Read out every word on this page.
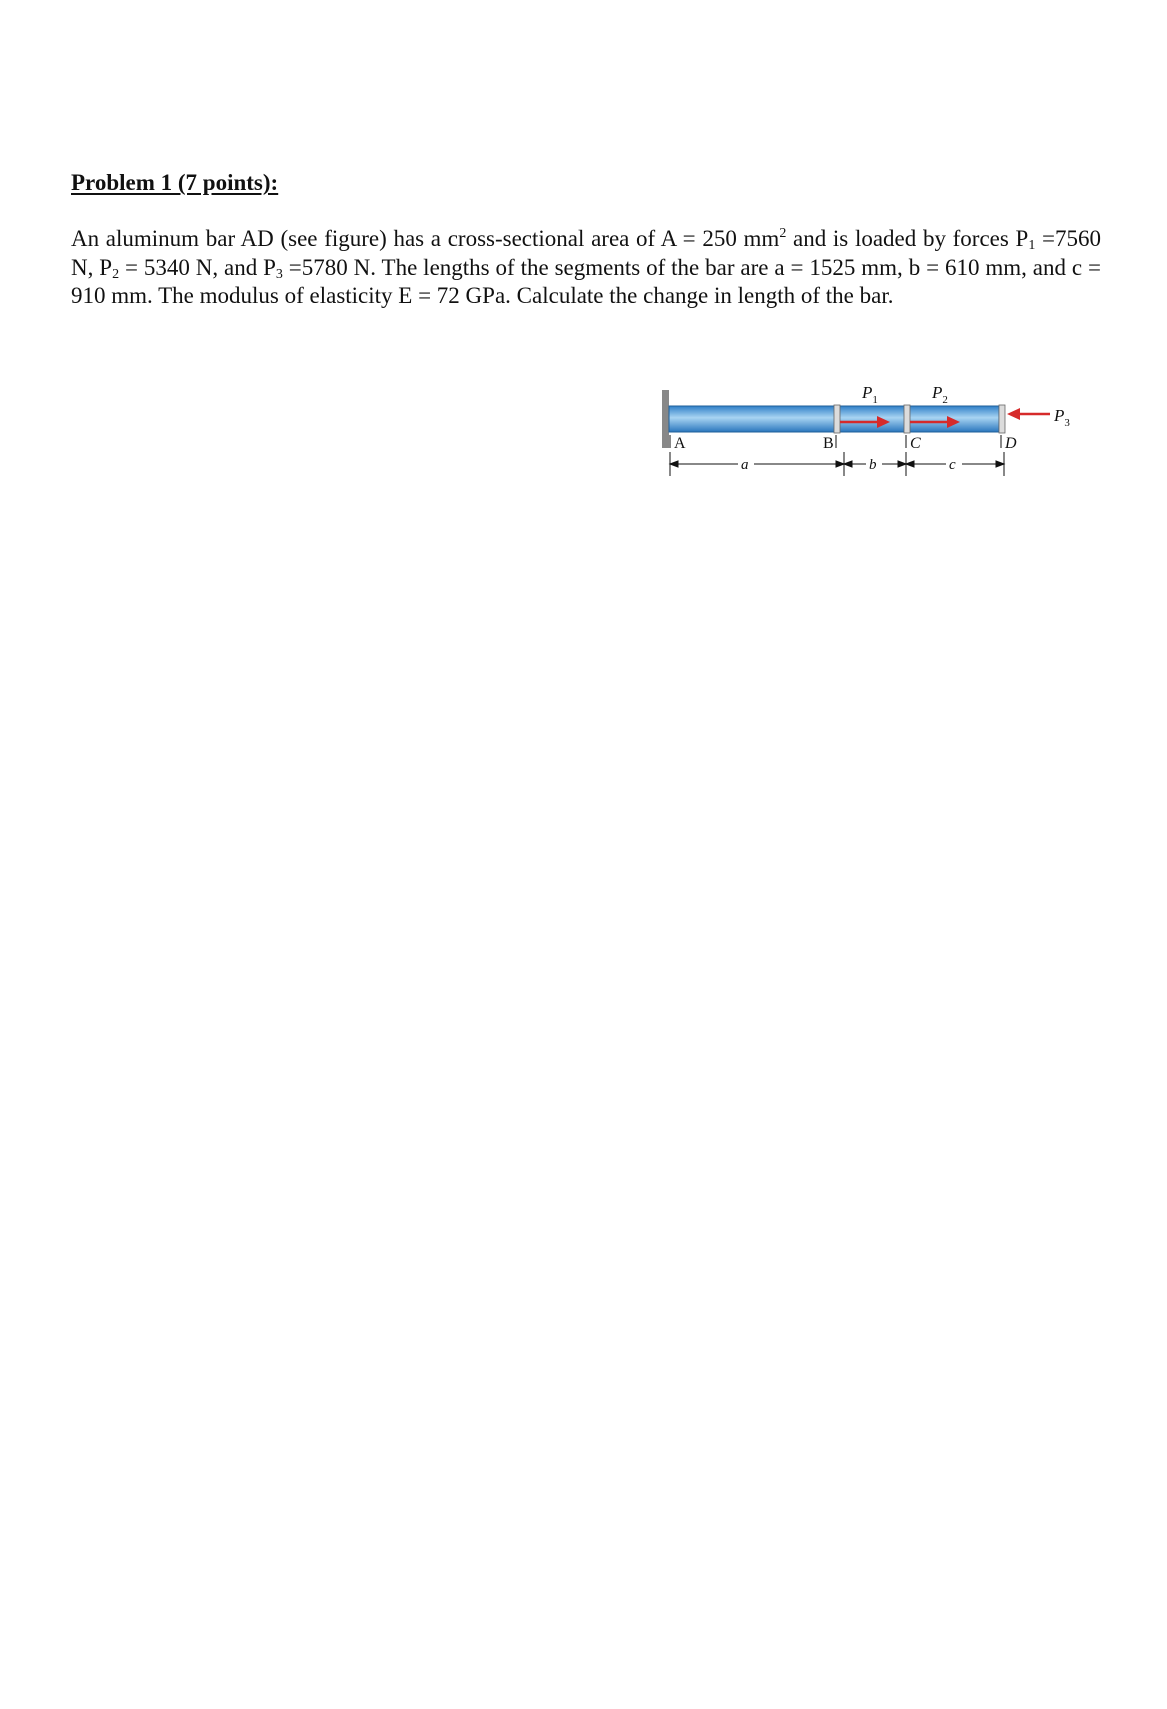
Problem 1 (7 points):
An aluminum bar AD (see figure) has a cross-sectional area of A = 250 $mm^2$ and is loaded by forces $P_1 =7560$ N, $P_2 = 5340$ N, and $P_3 =5780$ N. The lengths of the segments of the bar are a = 1525 mm, b = 610 mm, and c = 910 mm. The modulus of elasticity E = 72 GPa. Calculate the change in length of the bar.
$P_1$	$P_2$
$P_3$
A	B	C	D
a	b	c
